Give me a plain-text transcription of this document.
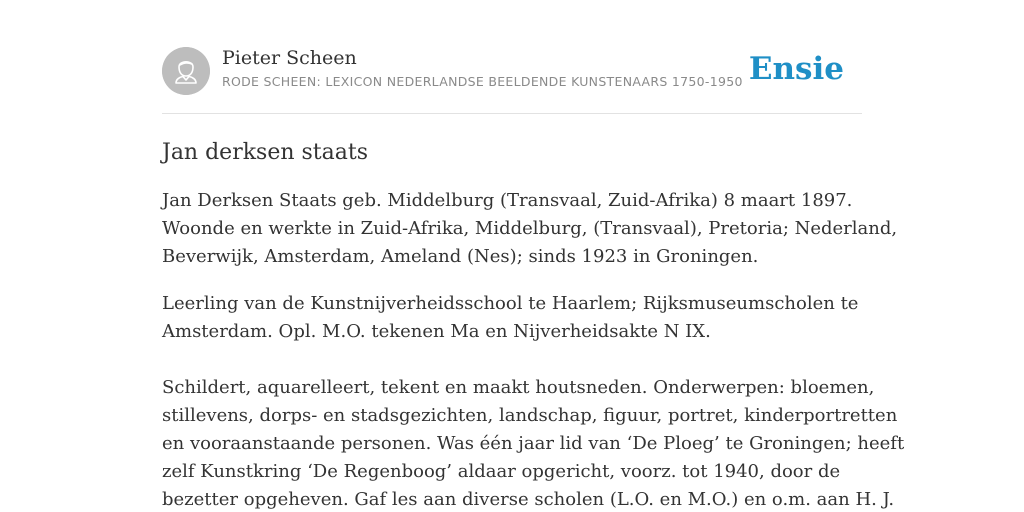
Pieter Scheen
RODE SCHEEN: LEXICON NEDERLANDSE BEELDENDE KUNSTENAARS 1750-1950 Ensie
Jan derksen staats

Jan Derksen Staats geb. Middelburg (Transvaal, Zuid-Afrika) 8 maart 1897.
Woonde en werkte in Zuid-Afrika, Middelburg, (Transvaal), Pretoria; Nederland,
Beverwijk, Amsterdam, Ameland (Nes); sinds 1923 in Groningen.

Leerling van de Kunstnijverheidsschool te Haarlem; Rijksmuseumscholen te
Amsterdam. Opl. M.O. tekenen Ma en Nijverheidsakte N IX.

Schildert, aquarelleert, tekent en maakt houtsneden. Onderwerpen: bloemen,
stillevens, dorps- en stadsgezichten, landschap, figuur, portret, kinderportretten
en vooraanstaande personen. Was één jaar lid van ‘De Ploeg’ te Groningen; heeft
zelf Kunstkring ‘De Regenboog’ aldaar opgericht, voorz. tot 1940, door de
bezetter opgeheven. Gaf les aan diverse scholen (L.O. en M.O.) en o.m. aan H. J.
